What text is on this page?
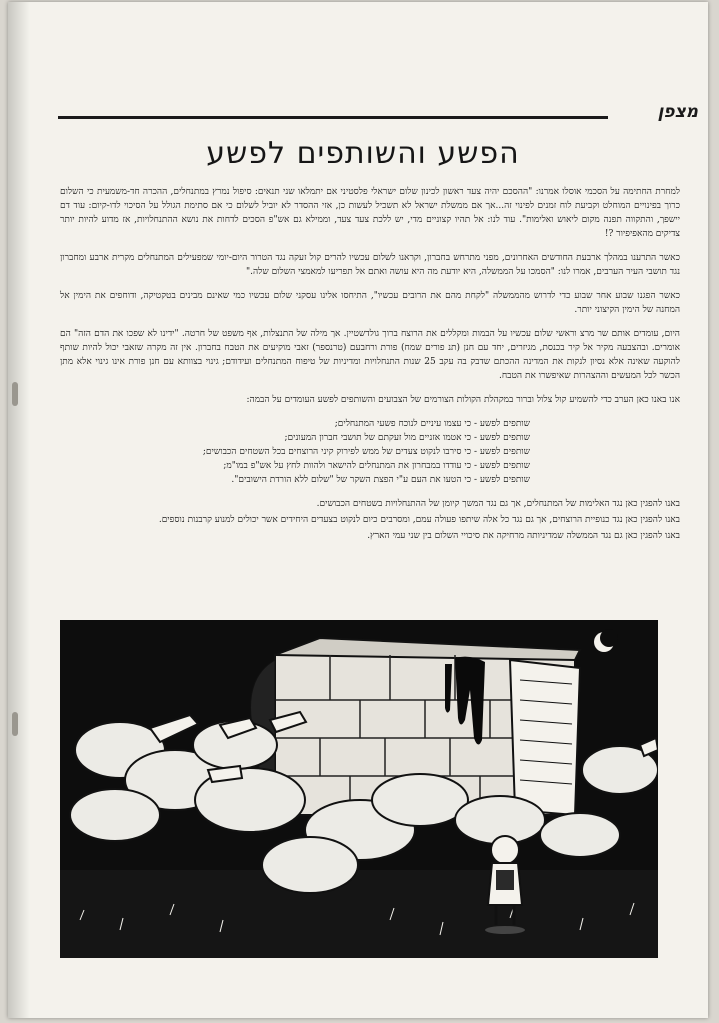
מצפן
הפשע והשותפים לפשע

למחרת החתימה על הסכמי אוסלו אמרנו: "ההסכם יהיה צעד ראשון לכינון שלום ישראלי פלסטיני אם יתמלאו שני תנאים: סיפול נמרץ במתנחלים, ההכרה חד-משמעית כי השלום כרוך בפינויים המוחלט וקביעת לוח זמנים לפינוי זה...אך אם ממשלת ישראל לא תשכיל לעשות כן, אזי ההסדר לא יוביל לשלום כי אם סתימת הגולל על הסיכוי לדו-קיום: עוד דם יישפך, והתקווה תפנה מקום ליאוש ואלימות". עוד לנו: אל תהיו קצוניים מדי, יש ללכת צעד צעד, וממילא גם אש"פ הסכים לדחות את נושא ההתנחלויות, אז מדוע להיות יותר צדיקים מהאפיפיור ?!

כאשר התרענו במהלך ארבעת החודשים האחרונים, מפני מתרחש בחברון, וקראנו לשלום עכשיו להרים קול זעקה נגד הטרור היום-יומי שמפעילים המתנחלים מקרית ארבע ומחברון נגד תושבי העיר הערבים, אמרו לנו: "הסמכו על הממשלה, היא יודעת מה היא עושה ואתם אל תפריעו למאמצי השלום שלה."

כאשר הפגנו שבוע אחר שבוע כדי לדרוש מהממשלה "לקחת מהם את הרובים עכשיו", התיחסו אלינו עסקני שלום עכשיו כמי שאינם מבינים בטקטיקה, ודוחפים את הימין אל המחנה של הימין הקיצוני יותר.

היום, עומדים אותם שר מרצ וראשי שלום עכשיו על הבמות ומקללים את הרוצח ברוך גולדשטיין. אך מילה של התנצלות, אף משפט של חרטה. "ידינו לא שפכו את הדם הזה" הם אומרים. ובהצבעה מקיר אל קיר בכנסת, מגיזרים, יחד עם חנן (תנ פורים שמח) פורת ורחבעם (טרנספר) זאבי מוקיעים את הטבח בחברון. אין זה מקרה שזאבי יכול להיות שותף להוקעה שאינה אלא נסיון לנקות את המדינה ההכתם שדבק בה עקב 25 שנות התנחלויות ומדיניות של טיפוח המתנחלים ועידודם; גינוי בצוותא עם חנן פורת אינו גינוי אלא מתן הכשר לכל המעשים וההצהרות שאיפשרו את הטבח.

אנו באנו כאן הערב כדי להשמיע קול צלול וברור במקהלת הקולות הצורמים של הצבועים והשותפים לפשע העומדים על הבמה:

שותפים לפשע - כי עצמו עיניים לנוכח פשעי המתנחלים;
שותפים לפשע - כי אטמו אזניים מול זעקתם של תושבי חברון המעונים;
שותפים לפשע - כי סירבו לנקוט צעדים של ממש לפירוק קיני הרוצחים בכל השטחים הכבושים;
שותפים לפשע - כי עודדו במבחרון את המתנחלים להישאר ולהוות לחץ על אש"פ במו"מ;
שותפים לפשע - כי הטעו את העם ע"י הפצת השקר של "שלום ללא הורדת הישובים".

באנו להפגין כאן נגד האלימות של המתנחלים, אך גם נגד המשך קיומן של ההתנחלויות בשטחים הכבושים.

באנו להפגין כאן נגד כנופיית הרוצחים, אך גם נגד כל אלה שיתפו פעולה עמם, ומסרבים כיום לנקוט בצעדים היחידים אשר יכולים למנוע קרבנות נוספים.

באנו להפגין כאן גם נגד הממשלה שמדיניותה מרחיקה את סיכויי השלום בין שני עמי הארץ.
